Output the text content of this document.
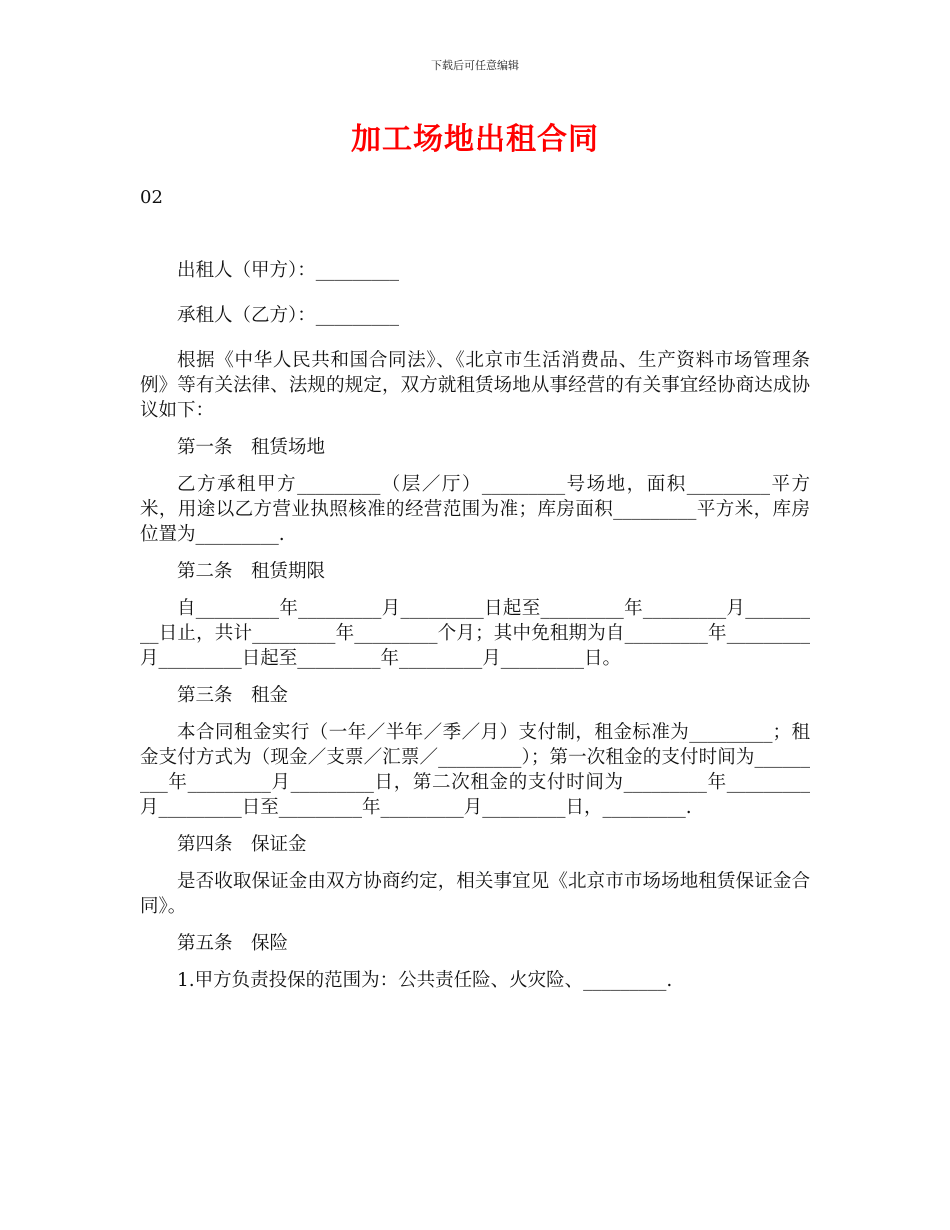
下载后可任意编辑
加工场地出租合同
02

出租人（甲方）：_________

承租人（乙方）：_________

根据《中华人民共和国合同法》、《北京市生活消费品、生产资料市场管理条例》等有关法律、法规的规定，双方就租赁场地从事经营的有关事宜经协商达成协议如下：

第一条　租赁场地

乙方承租甲方_________（层／厅）_________号场地，面积_________平方米，用途以乙方营业执照核准的经营范围为准；库房面积_________平方米，库房位置为_________.

第二条　租赁期限

自_________年_________月_________日起至_________年_________月_________日止，共计_________年_________个月；其中免租期为自_________年_________月_________日起至_________年_________月_________日。

第三条　租金

本合同租金实行（一年／半年／季／月）支付制，租金标准为_________；租金支付方式为（现金／支票／汇票／_________）；第一次租金的支付时间为_________年_________月_________日，第二次租金的支付时间为_________年_________月_________日至_________年_________月_________日，_________.

第四条　保证金

是否收取保证金由双方协商约定，相关事宜见《北京市市场场地租赁保证金合同》。

第五条　保险

1.甲方负责投保的范围为：公共责任险、火灾险、_________.
